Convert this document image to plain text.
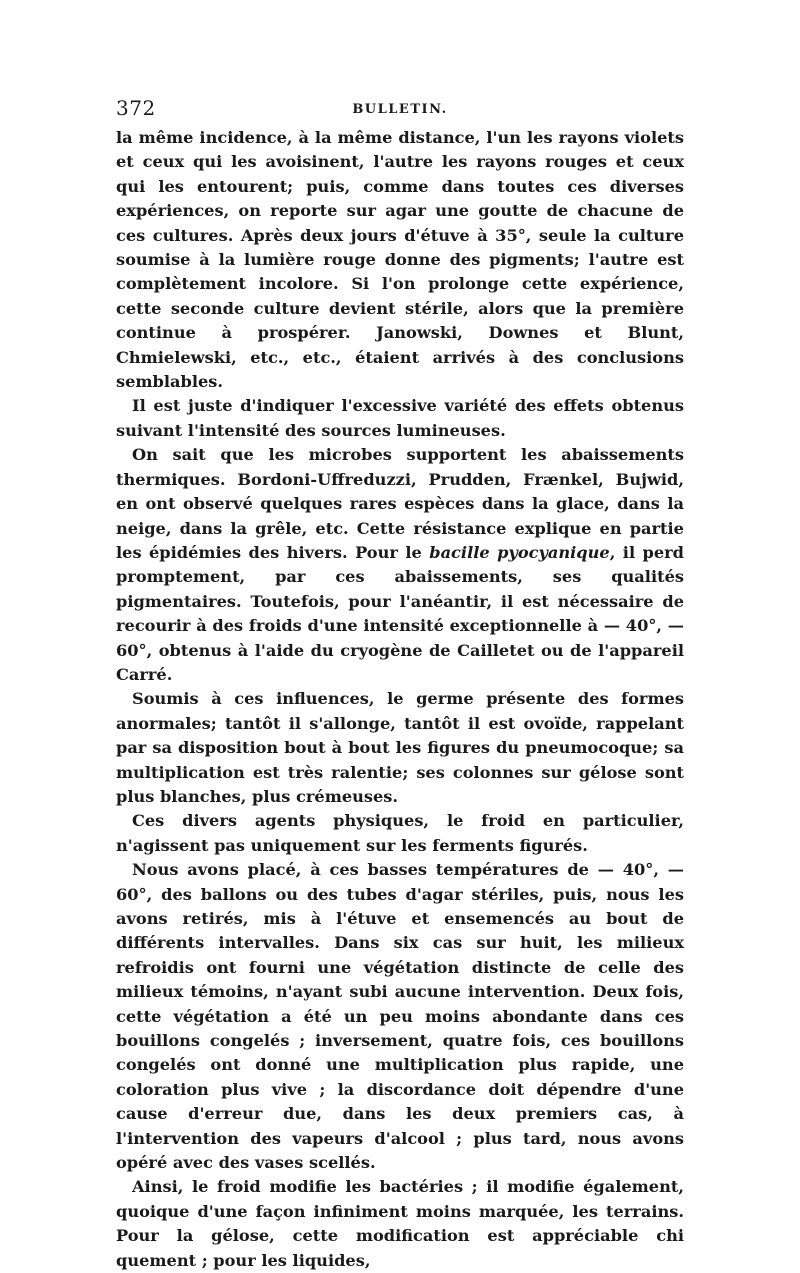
372	BULLETIN.

la même incidence, à la même distance, l'un les rayons violets et ceux qui les avoisinent, l'autre les rayons rouges et ceux qui les entourent; puis, comme dans toutes ces diverses expériences, on reporte sur agar une goutte de chacune de ces cultures. Après deux jours d'étuve à 35°, seule la culture soumise à la lumière rouge donne des pigments; l'autre est complètement incolore. Si l'on prolonge cette expérience, cette seconde culture devient stérile, alors que la première continue à prospérer. Janowski, Downes et Blunt, Chmielewski, etc., etc., étaient arrivés à des conclusions semblables.

Il est juste d'indiquer l'excessive variété des effets obtenus suivant l'intensité des sources lumineuses.

On sait que les microbes supportent les abaissements thermiques. Bordoni-Uffreduzzi, Prudden, Frænkel, Bujwid, en ont observé quelques rares espèces dans la glace, dans la neige, dans la grêle, etc. Cette résistance explique en partie les épidémies des hivers. Pour le bacille pyocyanique, il perd promptement, par ces abaissements, ses qualités pigmentaires. Toutefois, pour l'anéantir, il est nécessaire de recourir à des froids d'une intensité exceptionnelle à — 40°, — 60°, obtenus à l'aide du cryogène de Cailletet ou de l'appareil Carré.

Soumis à ces influences, le germe présente des formes anormales; tantôt il s'allonge, tantôt il est ovoïde, rappelant par sa disposition bout à bout les figures du pneumocoque; sa multiplication est très ralentie; ses colonnes sur gélose sont plus blanches, plus crémeuses.

Ces divers agents physiques, le froid en particulier, n'agissent pas uniquement sur les ferments figurés.

Nous avons placé, à ces basses températures de — 40°, — 60°, des ballons ou des tubes d'agar stériles, puis, nous les avons retirés, mis à l'étuve et ensemencés au bout de différents intervalles. Dans six cas sur huit, les milieux refroidis ont fourni une végétation distincte de celle des milieux témoins, n'ayant subi aucune intervention. Deux fois, cette végétation a été un peu moins abondante dans ces bouillons congelés ; inversement, quatre fois, ces bouillons congelés ont donné une multiplication plus rapide, une coloration plus vive ; la discordance doit dépendre d'une cause d'erreur due, dans les deux premiers cas, à l'intervention des vapeurs d'alcool ; plus tard, nous avons opéré avec des vases scellés.

Ainsi, le froid modifie les bactéries ; il modifie également, quoique d'une façon infiniment moins marquée, les terrains. Pour la gélose, cette modification est appréciable chi quement ; pour les liquides,
